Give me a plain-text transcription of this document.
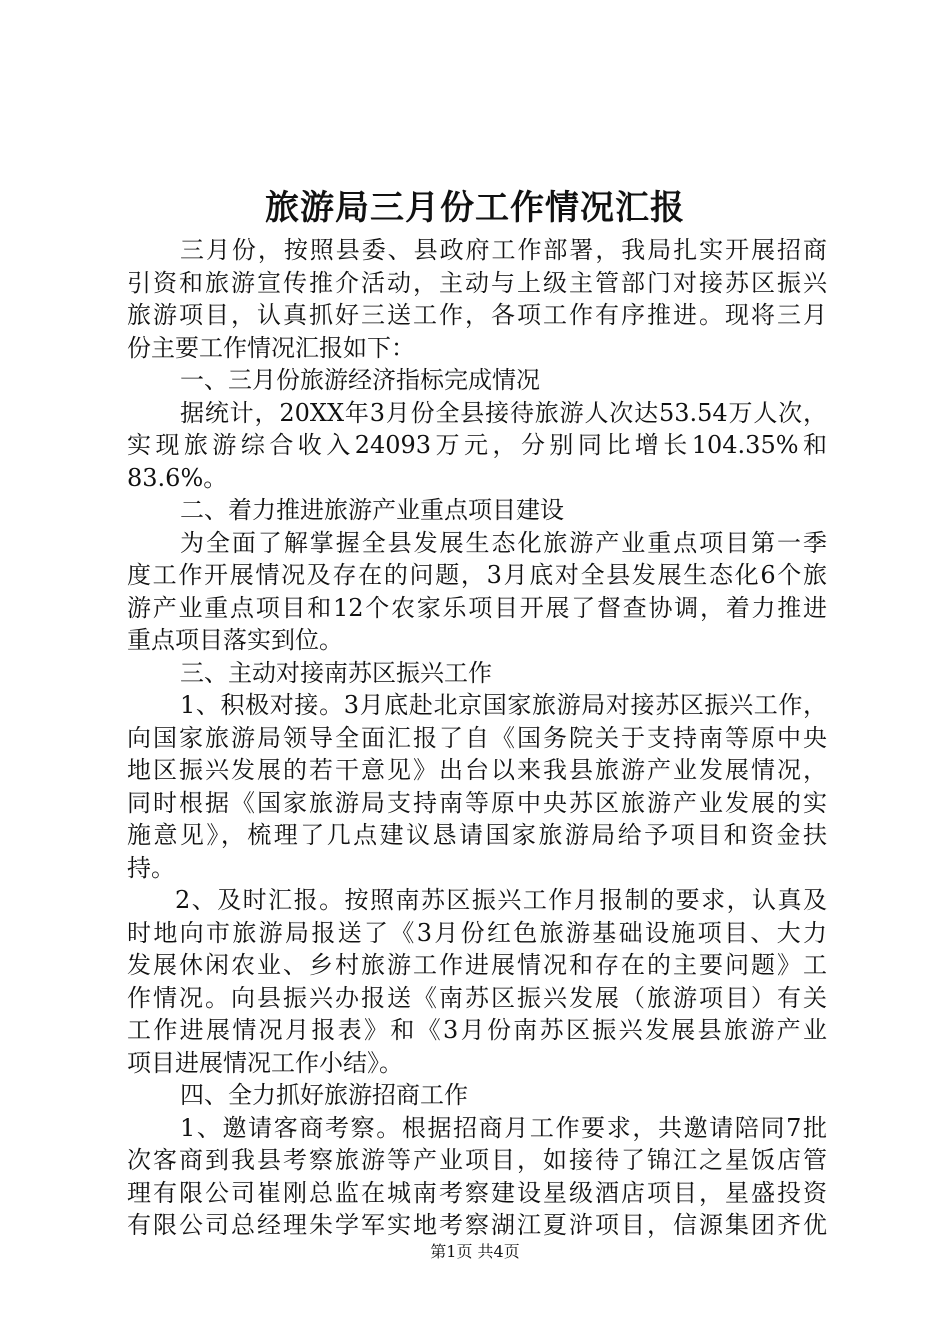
旅游局三月份工作情况汇报
三月份，按照县委、县政府工作部署，我局扎实开展招商
引资和旅游宣传推介活动，主动与上级主管部门对接苏区振兴
旅游项目，认真抓好三送工作，各项工作有序推进。现将三月
份主要工作情况汇报如下：
一、三月份旅游经济指标完成情况
据统计，20XX年3月份全县接待旅游人次达53.54万人次，
实现旅游综合收入24093万元，分别同比增长104.35%和
83.6%。
二、着力推进旅游产业重点项目建设
为全面了解掌握全县发展生态化旅游产业重点项目第一季
度工作开展情况及存在的问题，3月底对全县发展生态化6个旅
游产业重点项目和12个农家乐项目开展了督查协调，着力推进
重点项目落实到位。
三、主动对接南苏区振兴工作
1、积极对接。3月底赴北京国家旅游局对接苏区振兴工作，
向国家旅游局领导全面汇报了自《国务院关于支持南等原中央
地区振兴发展的若干意见》出台以来我县旅游产业发展情况，
同时根据《国家旅游局支持南等原中央苏区旅游产业发展的实
施意见》，梳理了几点建议恳请国家旅游局给予项目和资金扶
持。
2、及时汇报。按照南苏区振兴工作月报制的要求，认真及
时地向市旅游局报送了《3月份红色旅游基础设施项目、大力
发展休闲农业、乡村旅游工作进展情况和存在的主要问题》工
作情况。向县振兴办报送《南苏区振兴发展（旅游项目）有关
工作进展情况月报表》和《3月份南苏区振兴发展县旅游产业
项目进展情况工作小结》。
四、全力抓好旅游招商工作
1、邀请客商考察。根据招商月工作要求，共邀请陪同7批
次客商到我县考察旅游等产业项目，如接待了锦江之星饭店管
理有限公司崔刚总监在城南考察建设星级酒店项目，星盛投资
有限公司总经理朱学军实地考察湖江夏浒项目，信源集团齐优
第1页 共4页
